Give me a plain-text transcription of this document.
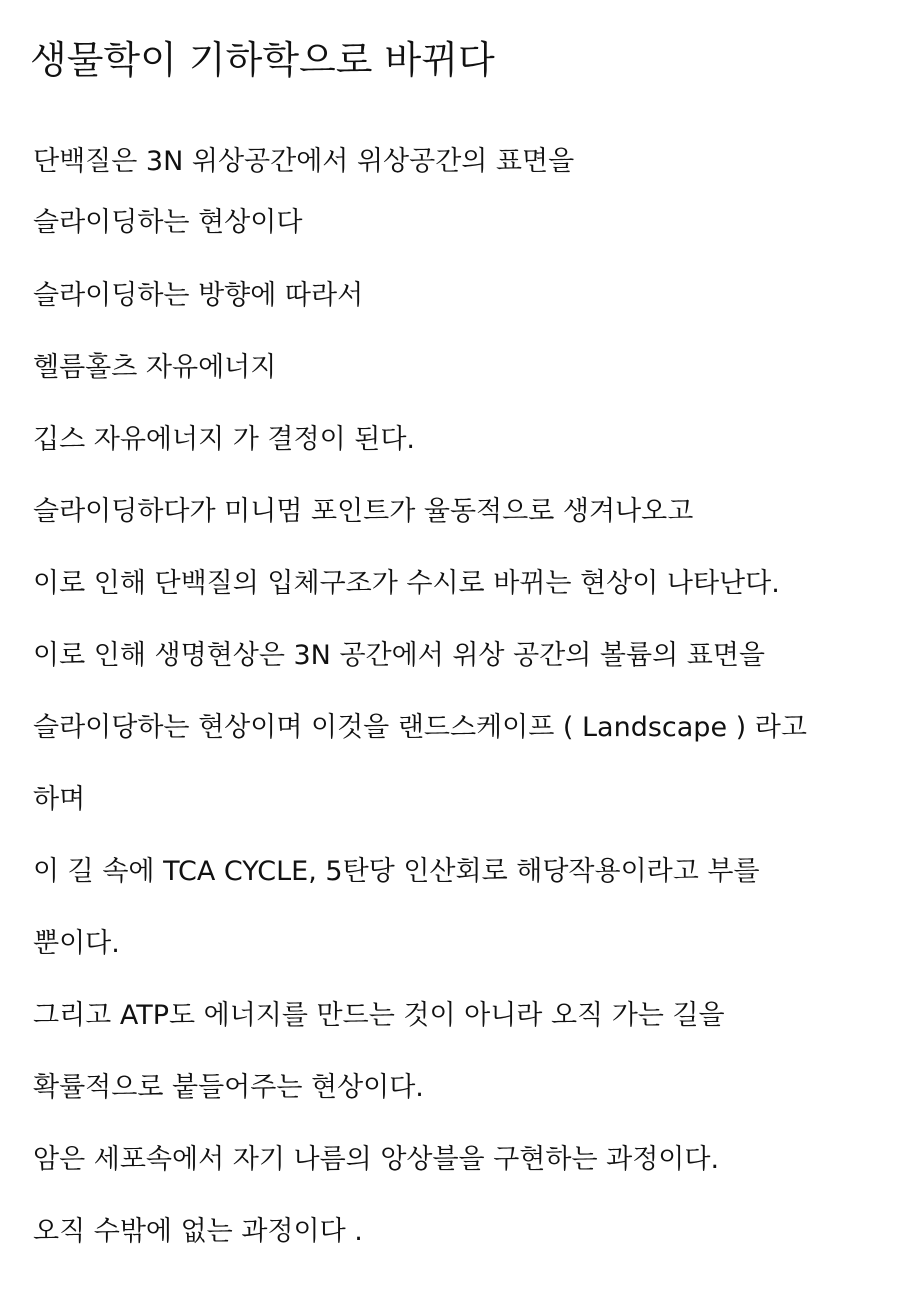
생물학이 기하학으로 바뀌다

단백질은 3N 위상공간에서 위상공간의 표면을

슬라이딩하는 현상이다

슬라이딩하는 방향에 따라서

헬름홀츠 자유에너지

깁스 자유에너지 가 결정이 된다.

슬라이딩하다가 미니멈 포인트가 율동적으로 생겨나오고

이로 인해 단백질의 입체구조가 수시로 바뀌는 현상이 나타난다.

이로 인해 생명현상은 3N 공간에서 위상 공간의 볼륨의 표면을

슬라이당하는 현상이며 이것을 랜드스케이프 ( Landscape ) 라고

하며

이 길 속에 TCA CYCLE, 5탄당 인산회로 해당작용이라고 부를

뿐이다.

그리고 ATP도 에너지를 만드는 것이 아니라 오직 가는 길을

확률적으로 붙들어주는 현상이다.

암은 세포속에서 자기 나름의 앙상블을 구현하는 과정이다.

오직 수밖에 없는 과정이다 .
